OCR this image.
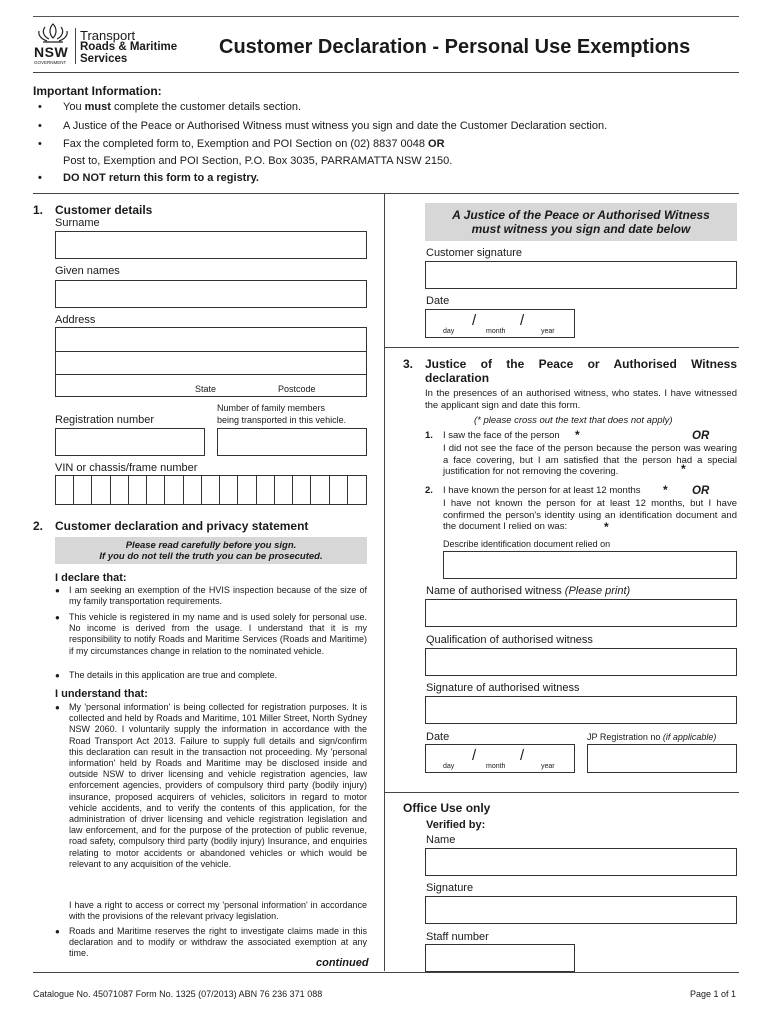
NSW
GOVERNMENT
Transport
Roads & Maritime
Services
Customer Declaration - Personal Use Exemptions
Important Information:
• You must complete the customer details section.
• A Justice of the Peace or Authorised Witness must witness you sign and date the Customer Declaration section.
• Fax the completed form to, Exemption and POI Section on (02) 8837 0048 OR
Post to, Exemption and POI Section, P.O. Box 3035, PARRAMATTA NSW 2150.
• DO NOT return this form to a registry.
1. Customer details
Surname
Given names
Address
State	Postcode
Number of family members
being transported in this vehicle.
Registration number
VIN or chassis/frame number
2. Customer declaration and privacy statement
Please read carefully before you sign.
If you do not tell the truth you can be prosecuted.
I declare that:
● I am seeking an exemption of the HVIS inspection because of the size of my family transportation requirements.
● This vehicle is registered in my name and is used solely for personal use. No income is derived from the usage. I understand that it is my responsibility to notify Roads and Maritime Services (Roads and Maritime) if my circumstances change in relation to the nominated vehicle.
● The details in this application are true and complete.
I understand that:
● My 'personal information' is being collected for registration purposes. It is collected and held by Roads and Maritime, 101 Miller Street, North Sydney NSW 2060. I voluntarily supply the information in accordance with the Road Transport Act 2013. Failure to supply full details and sign/confirm this declaration can result in the transaction not proceeding. My 'personal information' held by Roads and Maritime may be disclosed inside and outside NSW to driver licensing and vehicle registration agencies, law enforcement agencies, providers of compulsory third party (bodily injury) insurance, proposed acquirers of vehicles, solicitors in regard to motor vehicle accidents, and to verify the contents of this application, for the administration of driver licensing and vehicle registration legislation and law enforcement, and for the purpose of the protection of public revenue, road safety, compulsory third party (bodily injury) Insurance, and enquiries relating to motor accidents or abandoned vehicles or which would be relevant to any acquisition of the vehicle.
I have a right to access or correct my 'personal information' in accordance with the provisions of the relevant privacy legislation.
● Roads and Maritime reserves the right to investigate claims made in this declaration and to modify or withdraw the associated exemption at any time.
continued
A Justice of the Peace or Authorised Witness
must witness you sign and date below
Customer signature
Date
/	/
day	month	year
3. Justice of the Peace or Authorised Witness
declaration
In the presences of an authorised witness, who states. I have witnessed the applicant sign and date this form.
(* please cross out the text that does not apply)
1. I saw the face of the person *	OR
I did not see the face of the person because the person was wearing a face covering, but I am satisfied that the person had a special justification for not removing the covering.	*
2. I have known the person for at least 12 months * OR
I have not known the person for at least 12 months, but I have confirmed the person's identity using an identification document and the document I relied on was:	*
Describe identification document relied on
Name of authorised witness (Please print)
Qualification of authorised witness
Signature of authorised witness
Date	JP Registration no (if applicable)
/	/
day	month	year
Office Use only
Verified by:
Name
Signature
Staff number
Catalogue No. 45071087 Form No. 1325 (07/2013) ABN 76 236 371 088	Page 1 of 1
